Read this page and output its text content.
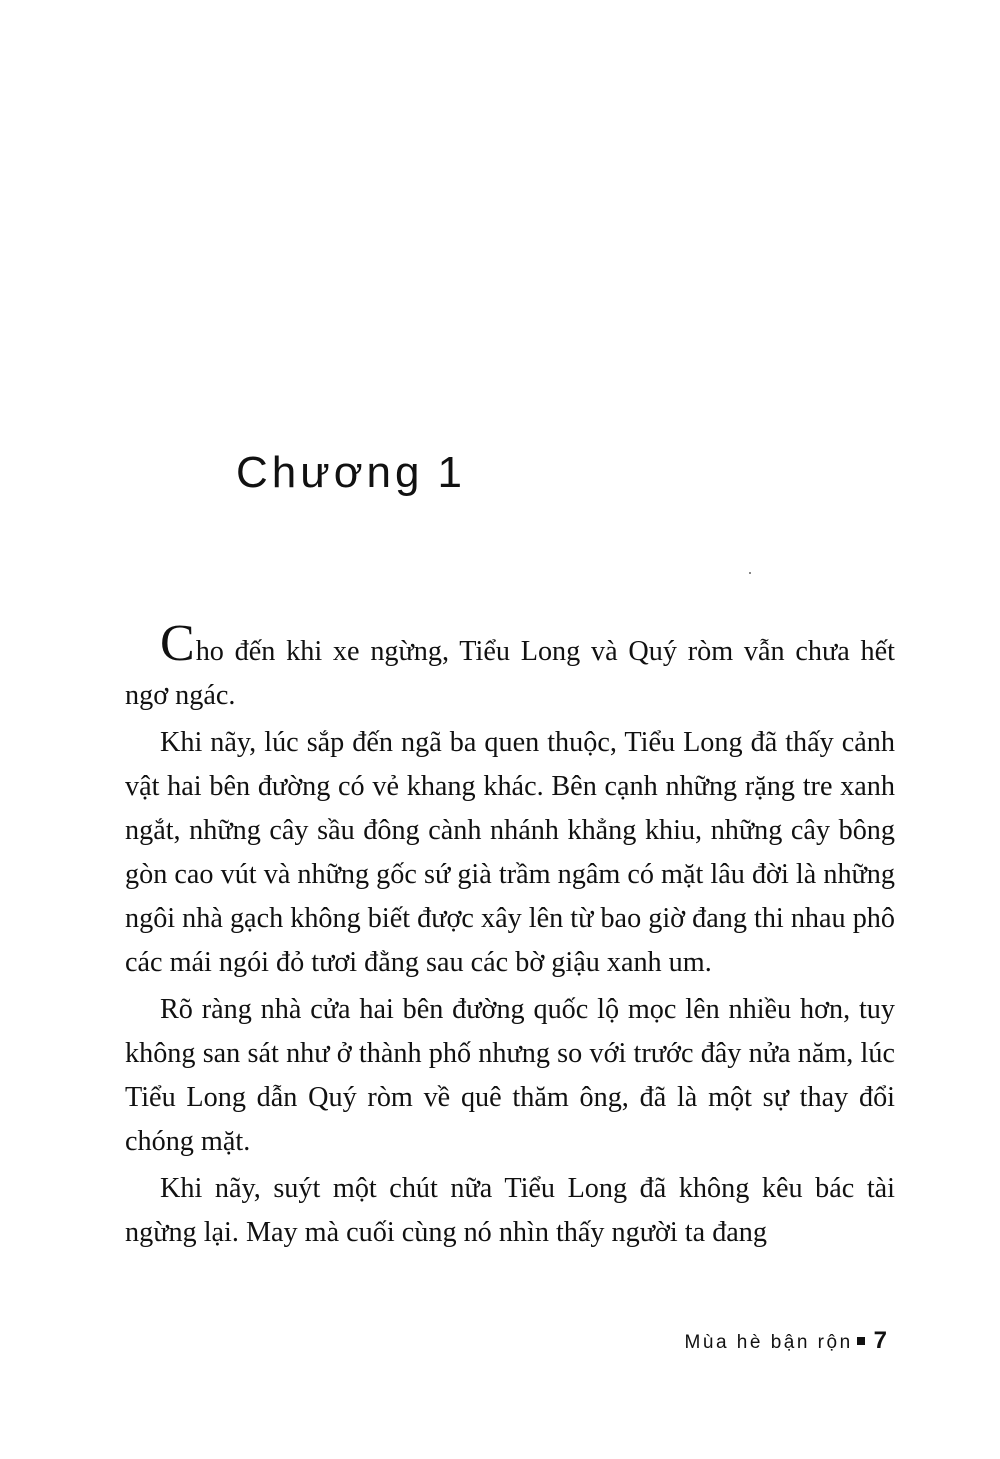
Chương 1

Cho đến khi xe ngừng, Tiểu Long và Quý ròm vẫn chưa hết ngơ ngác.

Khi nãy, lúc sắp đến ngã ba quen thuộc, Tiểu Long đã thấy cảnh vật hai bên đường có vẻ khang khác. Bên cạnh những rặng tre xanh ngắt, những cây sầu đông cành nhánh khẳng khiu, những cây bông gòn cao vút và những gốc sứ già trầm ngâm có mặt lâu đời là những ngôi nhà gạch không biết được xây lên từ bao giờ đang thi nhau phô các mái ngói đỏ tươi đằng sau các bờ giậu xanh um.

Rõ ràng nhà cửa hai bên đường quốc lộ mọc lên nhiều hơn, tuy không san sát như ở thành phố nhưng so với trước đây nửa năm, lúc Tiểu Long dẫn Quý ròm về quê thăm ông, đã là một sự thay đổi chóng mặt.

Khi nãy, suýt một chút nữa Tiểu Long đã không kêu bác tài ngừng lại. May mà cuối cùng nó nhìn thấy người ta đang

Mùa hè bận rộn 7
